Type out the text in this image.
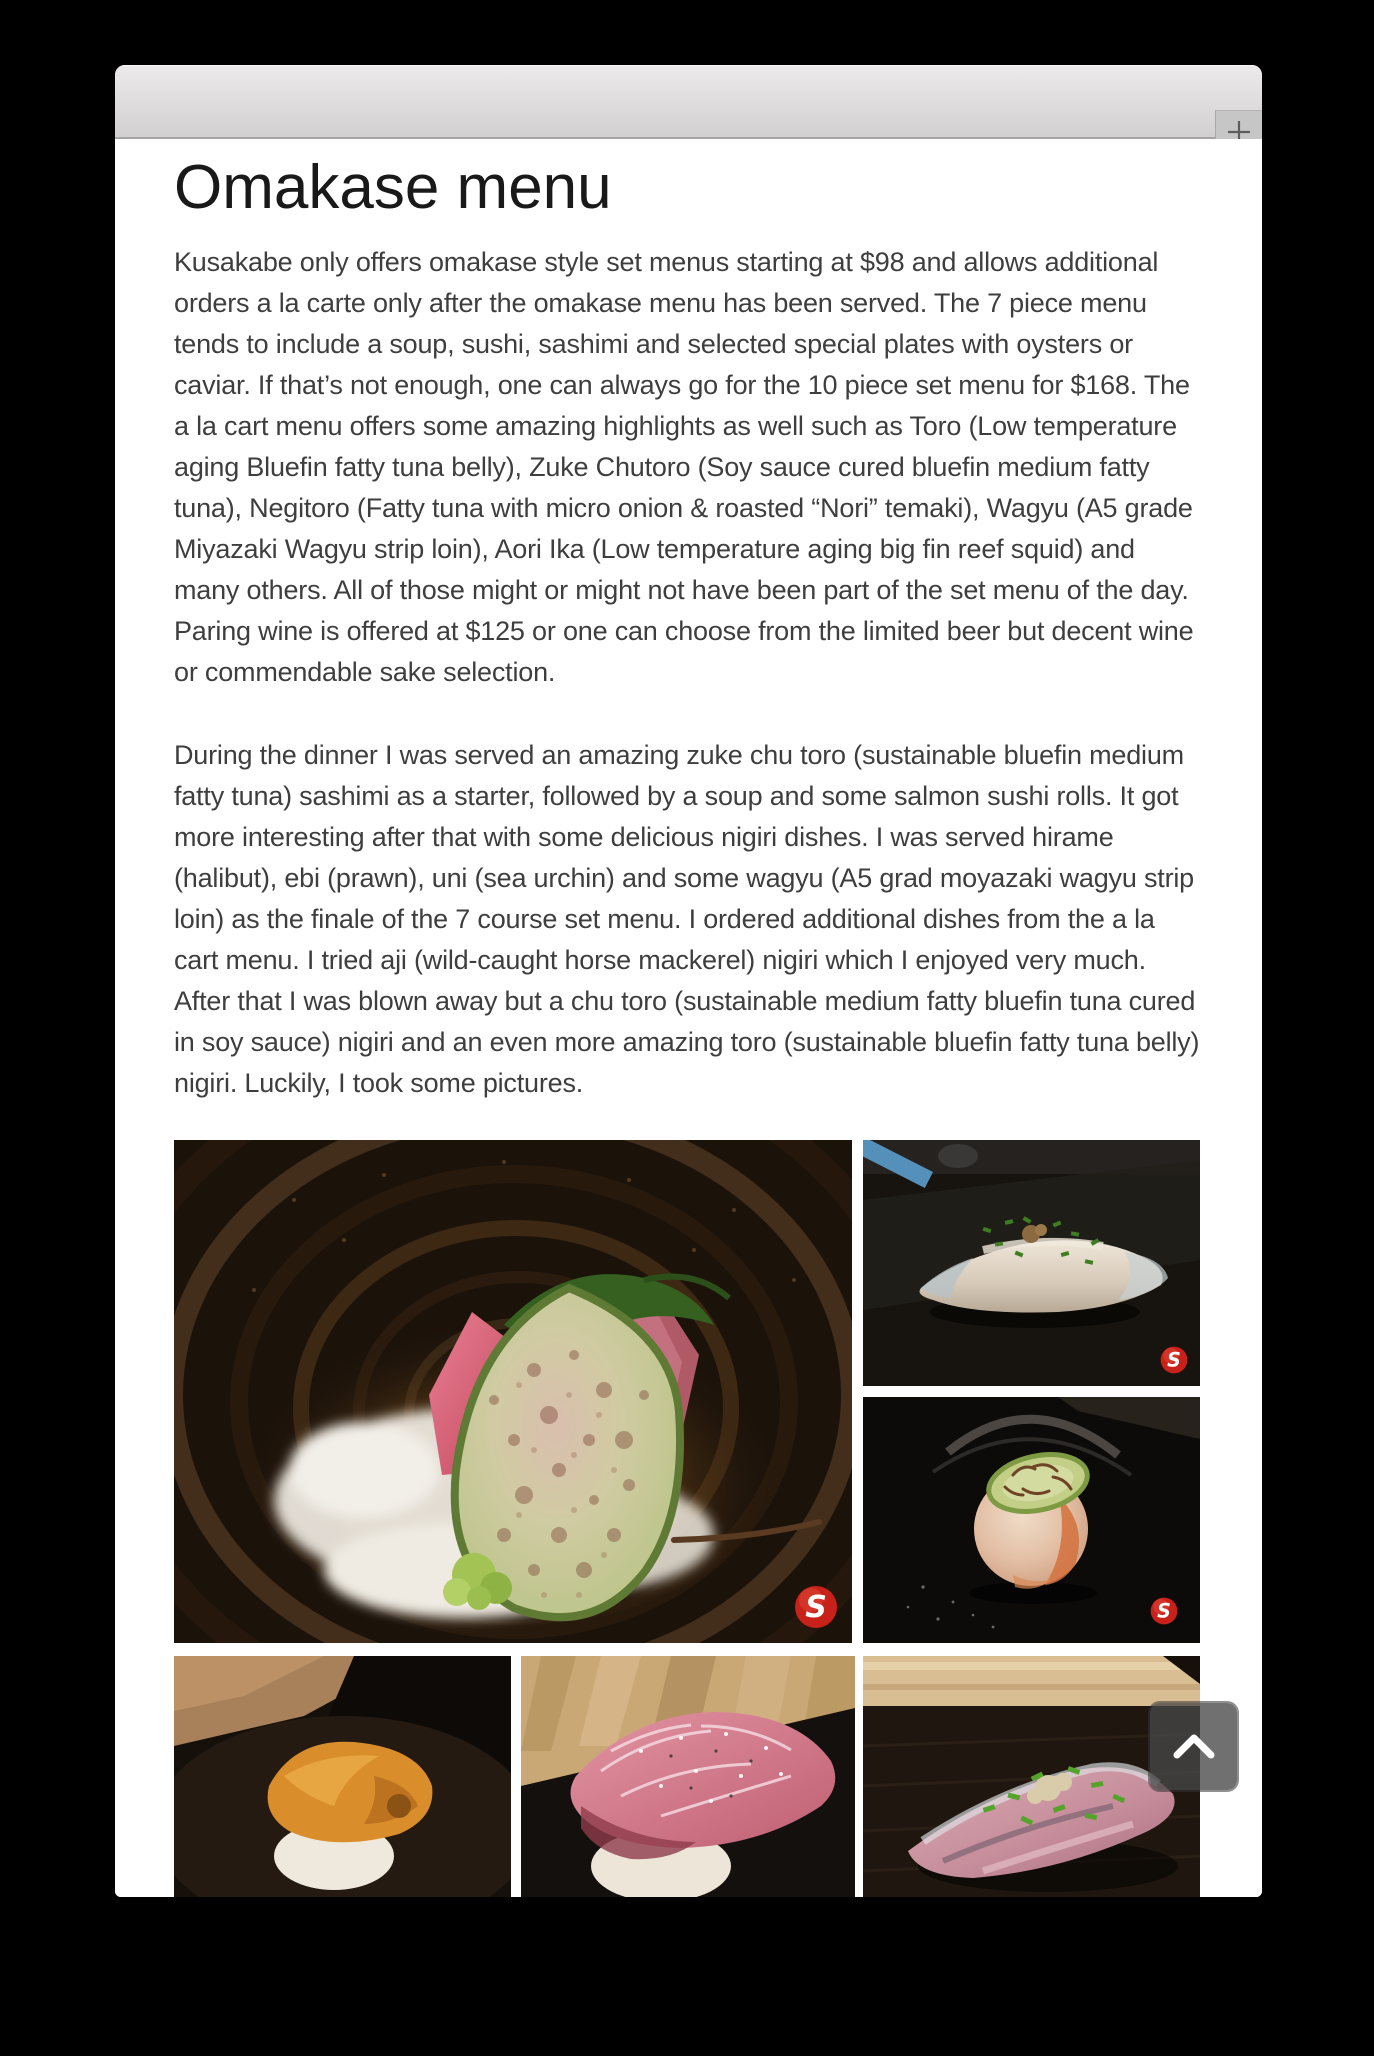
Omakase menu

Kusakabe only offers omakase style set menus starting at $98 and allows additional orders a la carte only after the omakase menu has been served. The 7 piece menu tends to include a soup, sushi, sashimi and selected special plates with oysters or caviar. If that’s not enough, one can always go for the 10 piece set menu for $168. The a la cart menu offers some amazing highlights as well such as Toro (Low temperature aging Bluefin fatty tuna belly), Zuke Chutoro (Soy sauce cured bluefin medium fatty tuna), Negitoro (Fatty tuna with micro onion & roasted “Nori” temaki), Wagyu (A5 grade Miyazaki Wagyu strip loin), Aori Ika (Low temperature aging big fin reef squid) and many others. All of those might or might not have been part of the set menu of the day. Paring wine is offered at $125 or one can choose from the limited beer but decent wine or commendable sake selection.

During the dinner I was served an amazing zuke chu toro (sustainable bluefin medium fatty tuna) sashimi as a starter, followed by a soup and some salmon sushi rolls. It got more interesting after that with some delicious nigiri dishes. I was served hirame (halibut), ebi (prawn), uni (sea urchin) and some wagyu (A5 grad moyazaki wagyu strip loin) as the finale of the 7 course set menu. I ordered additional dishes from the a la cart menu. I tried aji (wild-caught horse mackerel) nigiri which I enjoyed very much. After that I was blown away but a chu toro (sustainable medium fatty bluefin tuna cured in soy sauce) nigiri and an even more amazing toro (sustainable bluefin fatty tuna belly) nigiri. Luckily, I took some pictures.

S
S
S
